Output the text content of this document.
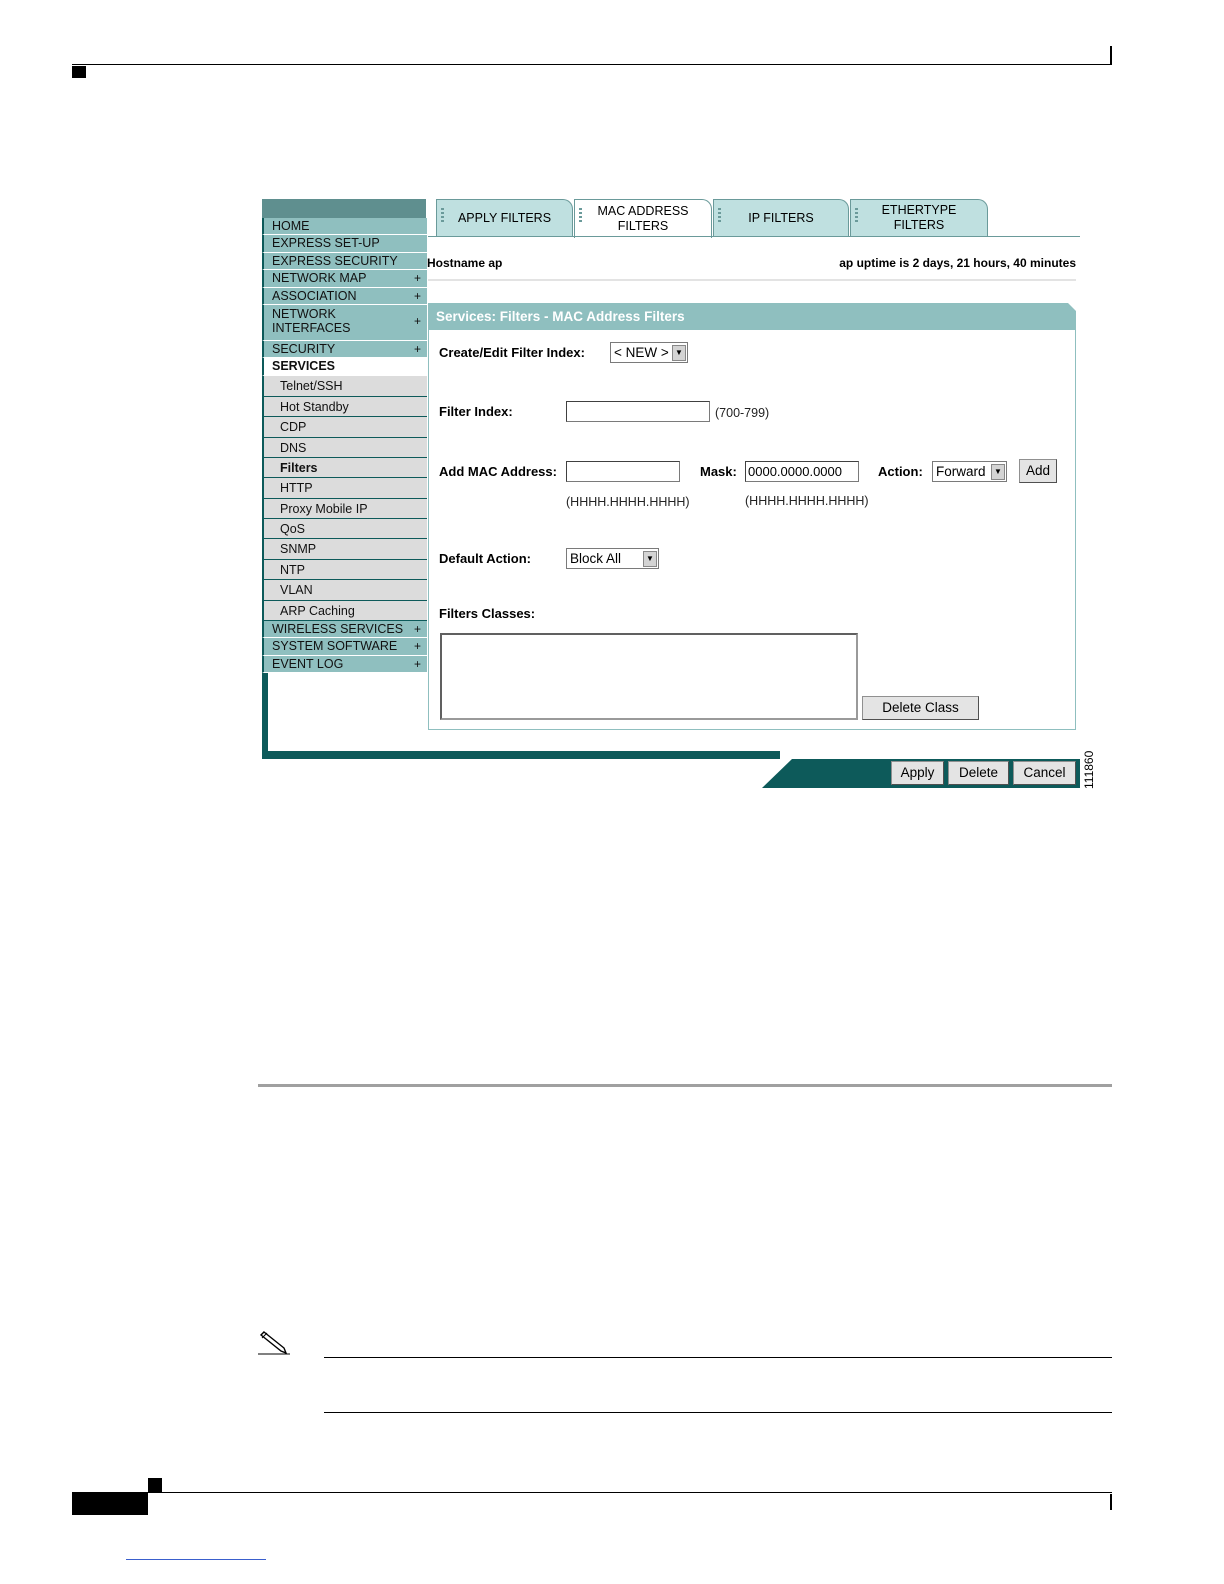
HOME
EXPRESS SET-UP
EXPRESS SECURITY
NETWORK MAP	+
ASSOCIATION	+
NETWORK
INTERFACES	+
SECURITY	+
SERVICES
Telnet/SSH
Hot Standby
CDP
DNS
Filters
HTTP
Proxy Mobile IP
QoS
SNMP
NTP
VLAN
ARP Caching
WIRELESS SERVICES +
SYSTEM SOFTWARE +
EVENT LOG	+
APPLY FILTERS	MAC ADDRESS
FILTERS
IP FILTERS
ETHERTYPE
FILTERS
Hostname ap	ap uptime is 2 days, 21 hours, 40 minutes
Services: Filters - MAC Address Filters
Create/Edit Filter Index: < NEW > ▼
Filter Index:	(700-799)
Add MAC Address:
(HHHH.HHHH.HHHH)
Mask: 0000.0000.0000
(HHHH.HHHH.HHHH)
Action: Forward	▼	Add
Default Action:	Block All	▼
Filters Classes:
Delete Class
Apply	Delete	Cancel	111860
